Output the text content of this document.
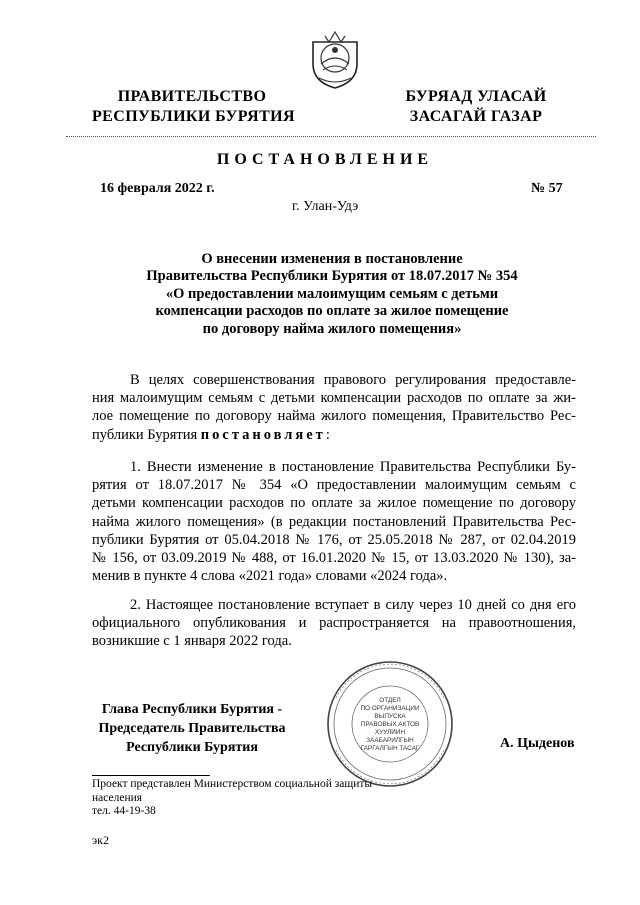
ПРАВИТЕЛЬСТВО
РЕСПУБЛИКИ БУРЯТИЯ
БУРЯАД УЛАСАЙ
ЗАСАГАЙ ГАЗАР
ПОСТАНОВЛЕНИЕ
16 февраля 2022 г.	№ 57
г. Улан-Удэ
О внесении изменения в постановление
Правительства Республики Бурятия от 18.07.2017 № 354
«О предоставлении малоимущим семьям с детьми
компенсации расходов по оплате за жилое помещение
по договору найма жилого помещения»
В целях совершенствования правового регулирования предоставле-
ния малоимущим семьям с детьми компенсации расходов по оплате за жи-
лое помещение по договору найма жилого помещения, Правительство Рес-
публики Бурятия постановляет:
1. Внести изменение в постановление Правительства Республики Бу-
рятия от 18.07.2017 № 354 «О предоставлении малоимущим семьям с
детьми компенсации расходов по оплате за жилое помещение по договору
найма жилого помещения» (в редакции постановлений Правительства Рес-
публики Бурятия от 05.04.2018 № 176, от 25.05.2018 № 287, от 02.04.2019
№ 156, от 03.09.2019 № 488, от 16.01.2020 № 15, от 13.03.2020 № 130), за-
менив в пункте 4 слова «2021 года» словами «2024 года».
2. Настоящее постановление вступает в силу через 10 дней со дня его
официального опубликования и распространяется на правоотношения,
возникшие с 1 января 2022 года.
ОТДЕЛ
ПО ОРГАНИЗАЦИИ
ВЫПУСКА
ПРАВОВЫХ АКТОВ
ХУУЛИИН
ЗААБАРИЛГЫН
ГАРГАЛГЫН ТАСАГ
Глава Республики Бурятия -
Председатель Правительства
Республики Бурятия	А. Цыденов
Проект представлен Министерством социальной защиты
населения
тел. 44-19-38
эк2
